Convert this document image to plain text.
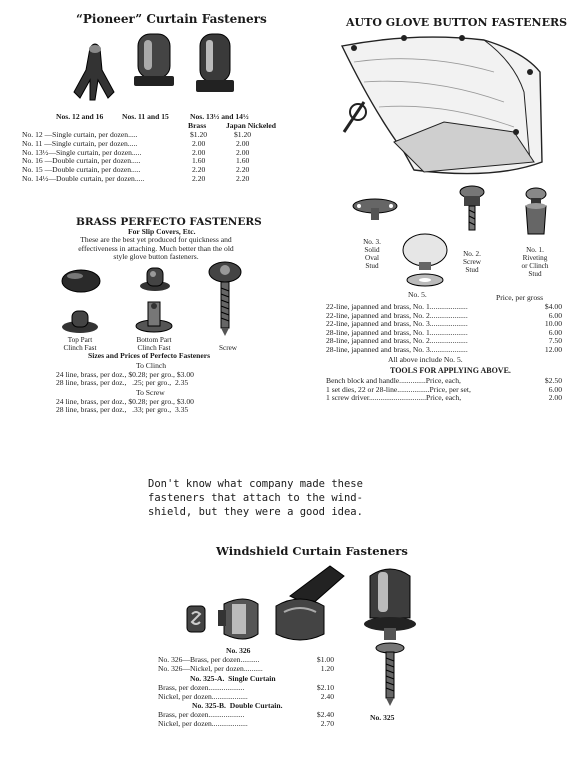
“Pioneer” Curtain Fasteners
Nos. 12 and 16 Nos. 11 and 15	Nos. 13½ and 14½
Brass	Japan Nickeled
No. 12 —Single curtain, per dozen.....	$1.20	$1.20
No. 11 —Single curtain, per dozen.....	2.00	2.00
No. 13½—Single curtain, per dozen.....	2.00	2.00
No. 16 —Double curtain, per dozen.....	1.60	1.60
No. 15 —Double curtain, per dozen.....	2.20	2.20
No. 14½—Double curtain, per dozen.....	2.20	2.20
BRASS PERFECTO FASTENERS
For Slip Covers, Etc.
These are the best yet produced for quickness and
effectiveness in attaching. Much better than the old
style glove button fasteners.
Top Part
Clinch Fast
Bottom Part
Clinch Fast	Screw
Sizes and Prices of Perfecto Fasteners
To Clinch
24 line, brass, per doz., $0.28; per gro., $3.00
28 line, brass, per doz.,   .25; per gro.,  2.35
To Screw
24 line, brass, per doz., $0.28; per gro., $3.00
28 line, brass, per doz.,   .33; per gro.,  3.35
AUTO GLOVE BUTTON FASTENERS
No. 3.
Solid
Oval
Stud
No. 2.
Screw
Stud
No. 1.
Riveting
or Clinch
Stud
No. 5.	Price, per gross
22-line, japanned and brass, No. 1....................	$4.00
22-line, japanned and brass, No. 2....................	6.00
22-line, japanned and brass, No. 3....................	10.00
28-line, japanned and brass, No. 1....................	6.00
28-line, japanned and brass, No. 2....................	7.50
28-line, japanned and brass, No. 3....................	12.00
All above include No. 5.
TOOLS FOR APPLYING ABOVE.
Bench block and handle..............Price, each,	$2.50
1 set dies, 22 or 28-line.................Price, per set,	6.00
1 screw driver..............................Price, each,	2.00

Don't know what company made these
fasteners that attach to the wind-
shield, but they were a good idea.

Windshield Curtain Fasteners
No. 326
No. 326—Brass, per dozen..........	$1.00
No. 326—Nickel, per dozen..........	1.20
No. 325-A.  Single Curtain
Brass, per dozen...................	$2.10
Nickel, per dozen...................	2.40
No. 325-B.  Double Curtain.
Brass, per dozen...................	$2.40
Nickel, per dozen...................	2.70
No. 325
